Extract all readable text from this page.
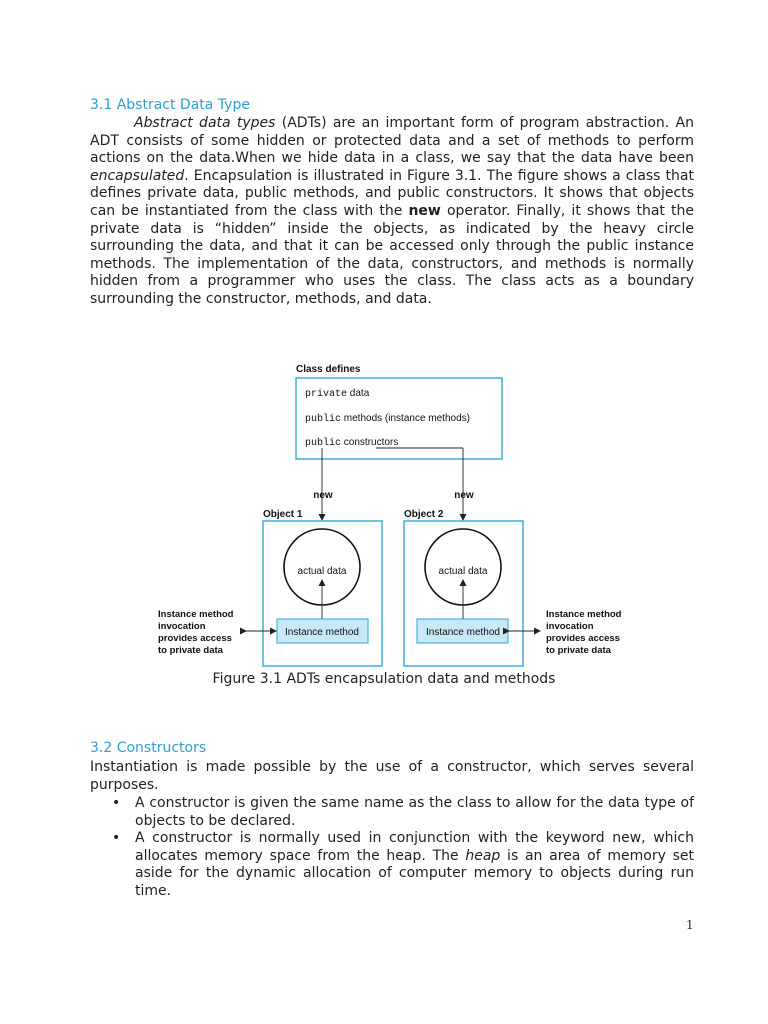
3.1 Abstract Data Type

Abstract data types (ADTs) are an important form of program abstraction. An ADT consists of some hidden or protected data and a set of methods to perform actions on the data.When we hide data in a class, we say that the data have been encapsulated. Encapsulation is illustrated in Figure 3.1. The figure shows a class that defines private data, public methods, and public constructors. It shows that objects can be instantiated from the class with the new operator. Finally, it shows that the private data is “hidden” inside the objects, as indicated by the heavy circle surrounding the data, and that it can be accessed only through the public instance methods. The implementation of the data, constructors, and methods is normally hidden from a programmer who uses the class. The class acts as a boundary surrounding the constructor, methods, and data.

Class defines
private data
public methods (instance methods)
public constructors
new	new
Object 1
actual data
Instance method
Object 2
actual data
Instance method
Instance method invocation provides access to private data
Instance method invocation provides access to private data

Figure 3.1 ADTs encapsulation data and methods

3.2 Constructors

Instantiation is made possible by the use of a constructor, which serves several purposes.

• A constructor is given the same name as the class to allow for the data type of objects to be declared.
• A constructor is normally used in conjunction with the keyword new, which allocates memory space from the heap. The heap is an area of memory set aside for the dynamic allocation of computer memory to objects during run time.
1
